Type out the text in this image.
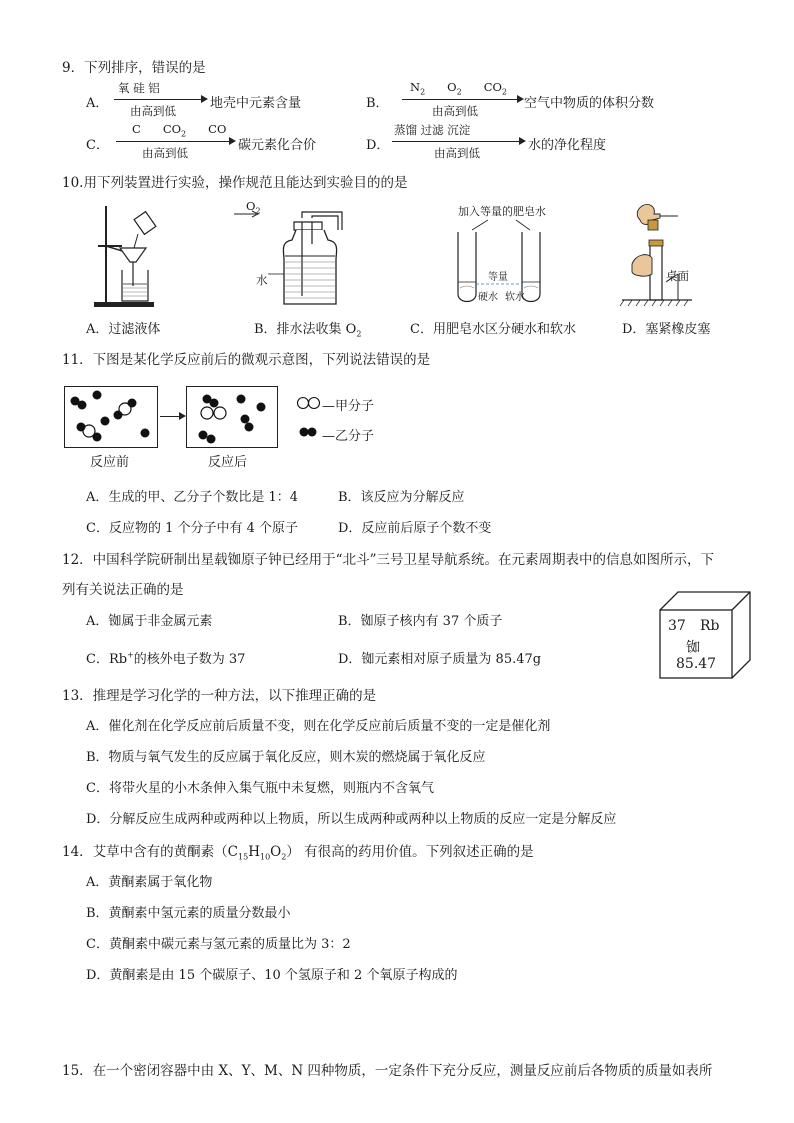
9．下列排序，错误的是
A．
氧 硅 铝
由高到低	地壳中元素含量	B．
$N_2$ $O_2$ $CO_2$
由高到低	空气中物质的体积分数
C．
C $CO_2$ CO
由高到低	碳元素化合价	D．
蒸馏 过滤 沉淀
由高到低	水的净化程度
10.用下列装置进行实验，操作规范且能达到实验目的的是
A．过滤液体
$O_2$
水
B．排水法收集 $O_2$
加入等量的肥皂水
等量
硬水 软水
C．用肥皂水区分硬水和软水
桌面
D．塞紧橡皮塞
11．下图是某化学反应前后的微观示意图，下列说法错误的是
反应前	反应后
—甲分子
—乙分子
A．生成的甲、乙分子个数比是 1：4	B．该反应为分解反应
C．反应物的 1 个分子中有 4 个原子	D．反应前后原子个数不变
12．中国科学院研制出星载铷原子钟已经用于“北斗”三号卫星导航系统。在元素周期表中的信息如图所示，下
列有关说法正确的是
A．铷属于非金属元素	B．铷原子核内有 37 个质子
C．Rb+的核外电子数为 37	D．铷元素相对原子质量为 85.47g
37 Rb
铷
85.47
13．推理是学习化学的一种方法，以下推理正确的是
A．催化剂在化学反应前后质量不变，则在化学反应前后质量不变的一定是催化剂
B．物质与氧气发生的反应属于氧化反应，则木炭的燃烧属于氧化反应
C．将带火星的小木条伸入集气瓶中未复燃，则瓶内不含氧气
D．分解反应生成两种或两种以上物质，所以生成两种或两种以上物质的反应一定是分解反应
14．艾草中含有的黄酮素$(C_{15}H_{10}O_2)$ 有很高的药用价值。下列叙述正确的是
A．黄酮素属于氧化物
B．黄酮素中氢元素的质量分数最小
C．黄酮素中碳元素与氢元素的质量比为 3：2
D．黄酮素是由 15 个碳原子、10 个氢原子和 2 个氧原子构成的
15．在一个密闭容器中由 X、Y、M、N 四种物质，一定条件下充分反应，测量反应前后各物质的质量如表所
